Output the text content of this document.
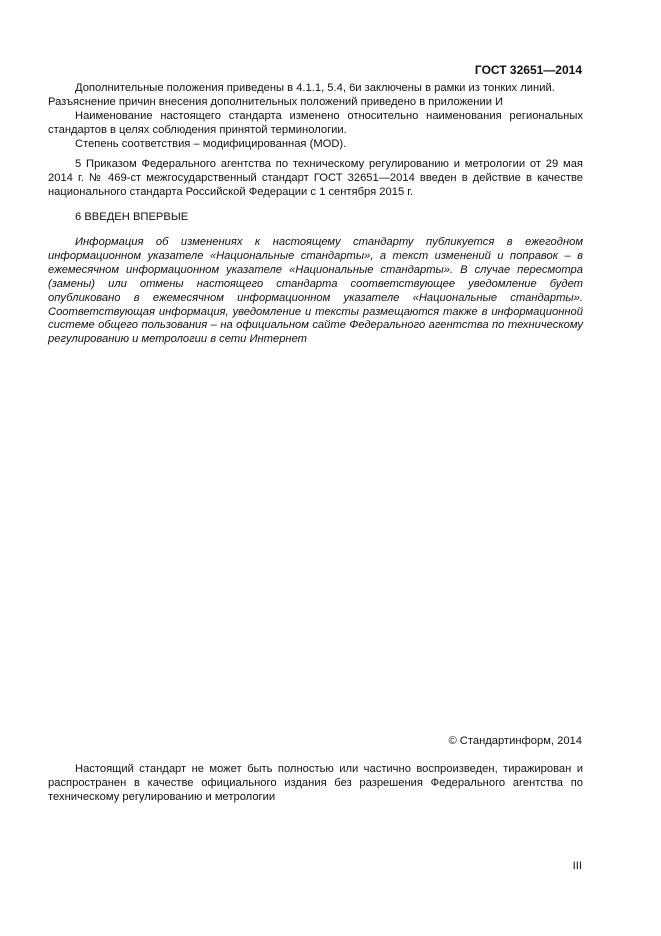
ГОСТ 32651—2014

Дополнительные положения приведены в 4.1.1, 5.4, 6и заключены в рамки из тонких линий.

Разъяснение причин внесения дополнительных положений приведено в приложении И

Наименование настоящего стандарта изменено относительно наименования региональных стандартов в целях соблюдения принятой терминологии.

Степень соответствия – модифицированная (MOD).

5 Приказом Федерального агентства по техническому регулированию и метрологии от 29 мая 2014 г. № 469-ст межгосударственный стандарт ГОСТ 32651—2014 введен в действие в качестве национального стандарта Российской Федерации с 1 сентября 2015 г.

6 ВВЕДЕН ВПЕРВЫЕ

Информация об изменениях к настоящему стандарту публикуется в ежегодном информационном указателе «Национальные стандарты», а текст изменений и поправок – в ежемесячном информационном указателе «Национальные стандарты». В случае пересмотра (замены) или отмены настоящего стандарта соответствующее уведомление будет опубликовано в ежемесячном информационном указателе «Национальные стандарты». Соответствующая информация, уведомление и тексты размещаются также в информационной системе общего пользования – на официальном сайте Федерального агентства по техническому регулированию и метрологии в сети Интернет

© Стандартинформ, 2014

Настоящий стандарт не может быть полностью или частично воспроизведен, тиражирован и распространен в качестве официального издания без разрешения Федерального агентства по техническому регулированию и метрологии

III
